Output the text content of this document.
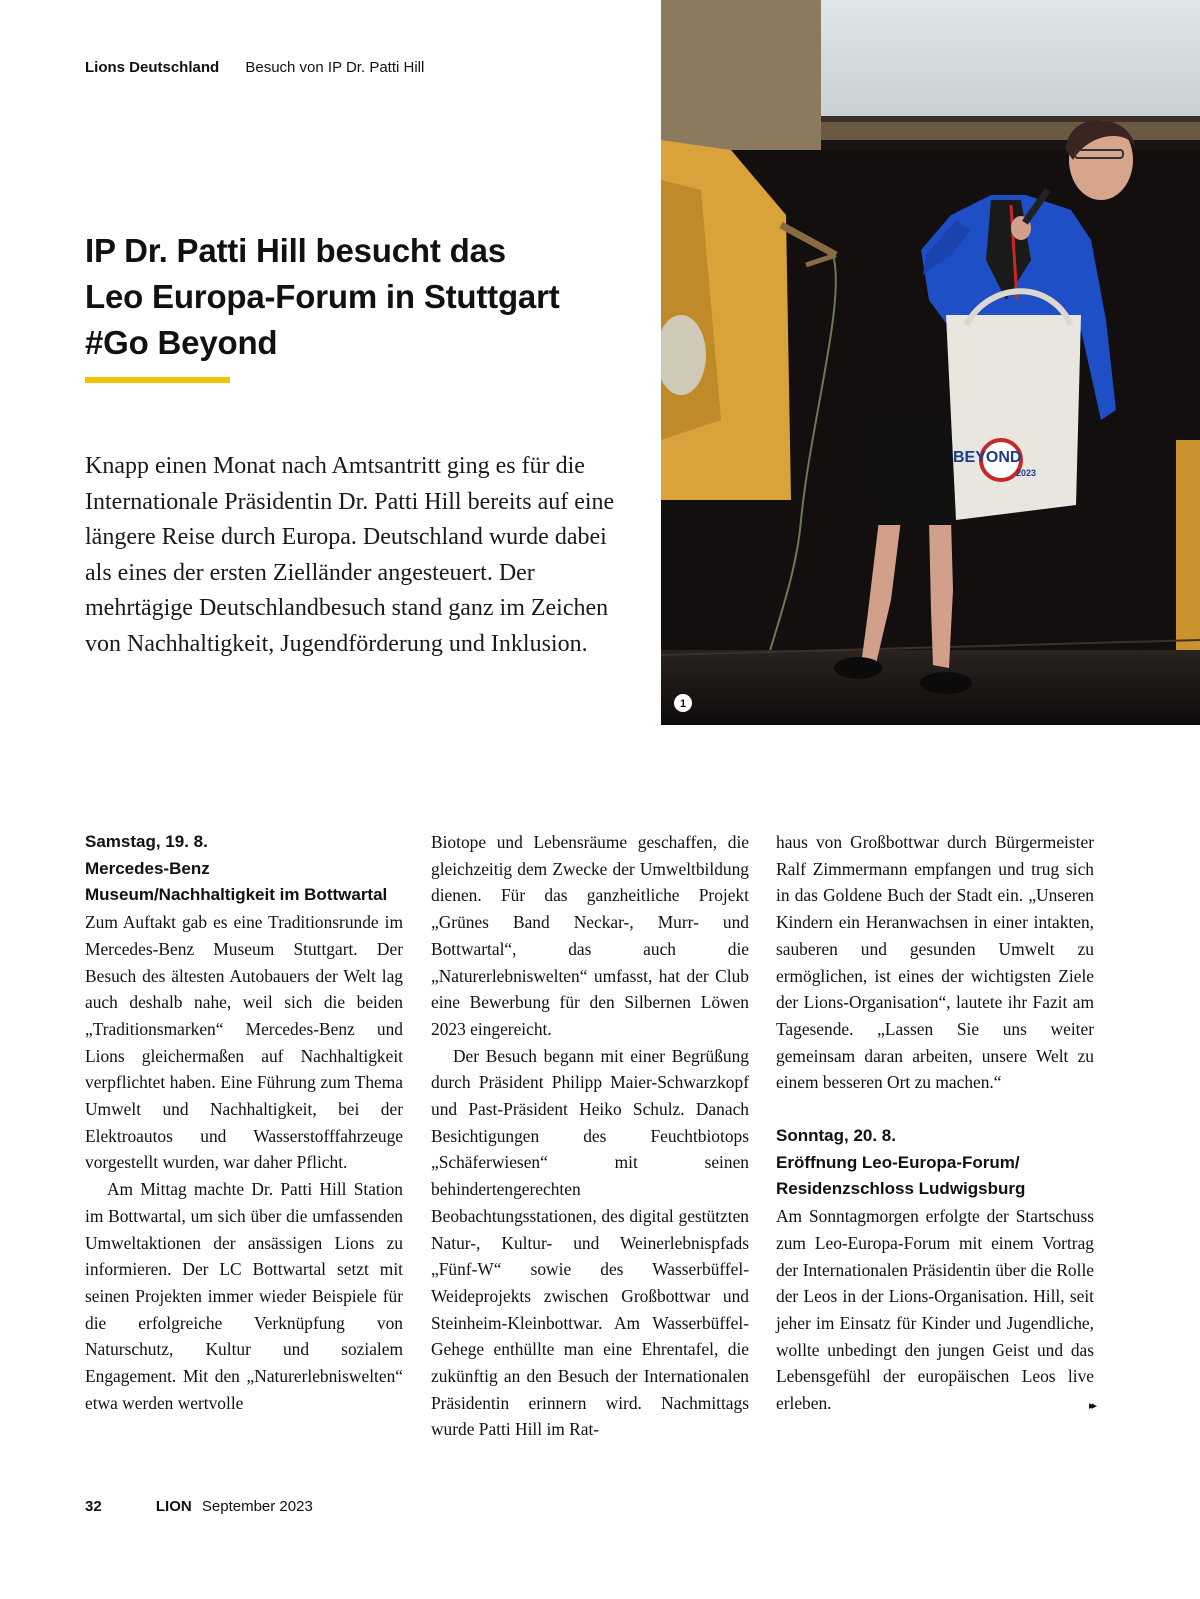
Lions Deutschland Besuch von IP Dr. Patti Hill
IP Dr. Patti Hill besucht das
Leo Europa-Forum in Stuttgart
#Go Beyond

Knapp einen Monat nach Amtsantritt ging es für die Internationale Präsidentin Dr. Patti Hill bereits auf eine längere Reise durch Europa. Deutschland wurde dabei als eines der ersten Zielländer angesteuert. Der mehrtägige Deutschlandbesuch stand ganz im Zeichen von Nachhaltigkeit, Jugendförderung und Inklusion.

BEYOND
2023
1
Samstag, 19. 8.
Mercedes-Benz Museum/Nachhaltigkeit im Bottwartal

Zum Auftakt gab es eine Traditionsrunde im Mercedes-Benz Museum Stuttgart. Der Besuch des ältesten Autobauers der Welt lag auch deshalb nahe, weil sich die beiden „Traditionsmarken“ Mercedes-Benz und Lions gleichermaßen auf Nachhaltigkeit verpflichtet haben. Eine Führung zum Thema Umwelt und Nachhaltigkeit, bei der Elektroautos und Wasserstofffahrzeuge vorgestellt wurden, war daher Pflicht.

Am Mittag machte Dr. Patti Hill Station im Bottwartal, um sich über die umfassenden Umweltaktionen der ansässigen Lions zu informieren. Der LC Bottwartal setzt mit seinen Projekten immer wieder Beispiele für die erfolgreiche Verknüpfung von Naturschutz, Kultur und sozialem Engagement. Mit den „Naturerlebniswelten“ etwa werden wertvolle

Biotope und Lebensräume geschaffen, die gleichzeitig dem Zwecke der Umweltbildung dienen. Für das ganzheitliche Projekt „Grünes Band Neckar-, Murr- und Bottwartal“, das auch die „Naturerlebniswelten“ umfasst, hat der Club eine Bewerbung für den Silbernen Löwen 2023 eingereicht.

Der Besuch begann mit einer Begrüßung durch Präsident Philipp Maier-Schwarzkopf und Past-Präsident Heiko Schulz. Danach Besichtigungen des Feuchtbiotops „Schäferwiesen“ mit seinen behindertengerechten Beobachtungsstationen, des digital gestützten Natur-, Kultur- und Weinerlebnispfads „Fünf-W“ sowie des Wasserbüffel-Weideprojekts zwischen Großbottwar und Steinheim-Kleinbottwar. Am Wasserbüffel-Gehege enthüllte man eine Ehrentafel, die zukünftig an den Besuch der Internationalen Präsidentin erinnern wird. Nachmittags wurde Patti Hill im Rat-

haus von Großbottwar durch Bürgermeister Ralf Zimmermann empfangen und trug sich in das Goldene Buch der Stadt ein. „Unseren Kindern ein Heranwachsen in einer intakten, sauberen und gesunden Umwelt zu ermöglichen, ist eines der wichtigsten Ziele der Lions-Organisation“, lautete ihr Fazit am Tagesende. „Lassen Sie uns weiter gemeinsam daran arbeiten, unsere Welt zu einem besseren Ort zu machen.“

Sonntag, 20. 8.
Eröffnung Leo-Europa-Forum/ Residenzschloss Ludwigsburg

Am Sonntagmorgen erfolgte der Startschuss zum Leo-Europa-Forum mit einem Vortrag der Internationalen Präsidentin über die Rolle der Leos in der Lions-Organisation. Hill, seit jeher im Einsatz für Kinder und Jugendliche, wollte unbedingt den jungen Geist und das Lebensgefühl der europäischen Leos live erleben.	▸▸

32	LION September 2023
